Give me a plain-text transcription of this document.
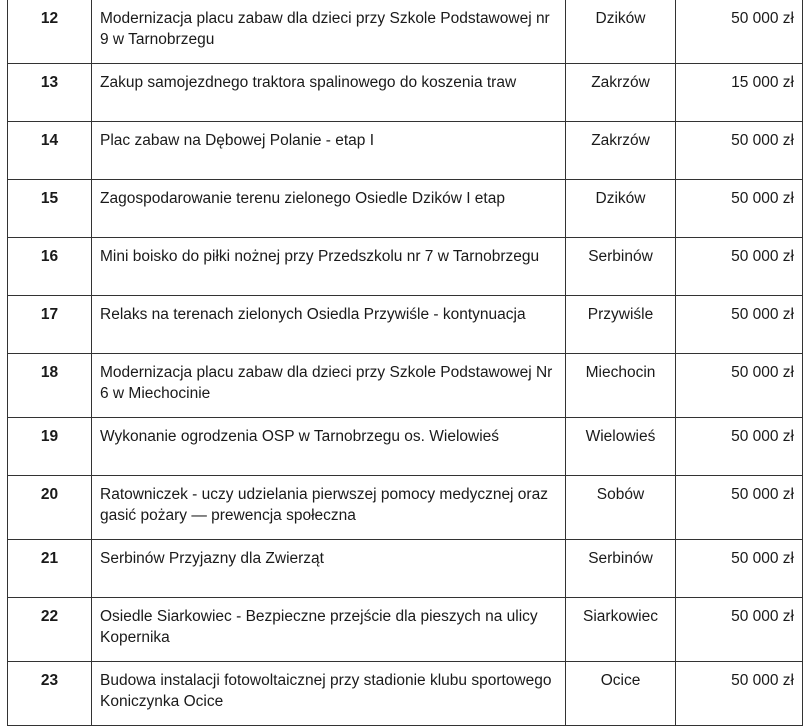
12	Modernizacja placu zabaw dla dzieci przy Szkole Podstawowej nr 9 w Tarnobrzegu	Dzików	50 000 zł
13	Zakup samojezdnego traktora spalinowego do koszenia traw	Zakrzów	15 000 zł
14	Plac zabaw na Dębowej Polanie - etap I	Zakrzów	50 000 zł
15	Zagospodarowanie terenu zielonego Osiedle Dzików I etap	Dzików	50 000 zł
16	Mini boisko do piłki nożnej przy Przedszkolu nr 7 w Tarnobrzegu	Serbinów	50 000 zł
17	Relaks na terenach zielonych Osiedla Przywiśle - kontynuacja	Przywiśle	50 000 zł
18	Modernizacja placu zabaw dla dzieci przy Szkole Podstawowej Nr 6 w Miechocinie	Miechocin	50 000 zł
19	Wykonanie ogrodzenia OSP w Tarnobrzegu os. Wielowieś	Wielowieś	50 000 zł
20	Ratowniczek - uczy udzielania pierwszej pomocy medycznej oraz gasić pożary — prewencja społeczna	Sobów	50 000 zł
21	Serbinów Przyjazny dla Zwierząt	Serbinów	50 000 zł
22	Osiedle Siarkowiec - Bezpieczne przejście dla pieszych na ulicy Kopernika	Siarkowiec	50 000 zł
23	Budowa instalacji fotowoltaicznej przy stadionie klubu sportowego Koniczynka Ocice	Ocice	50 000 zł
